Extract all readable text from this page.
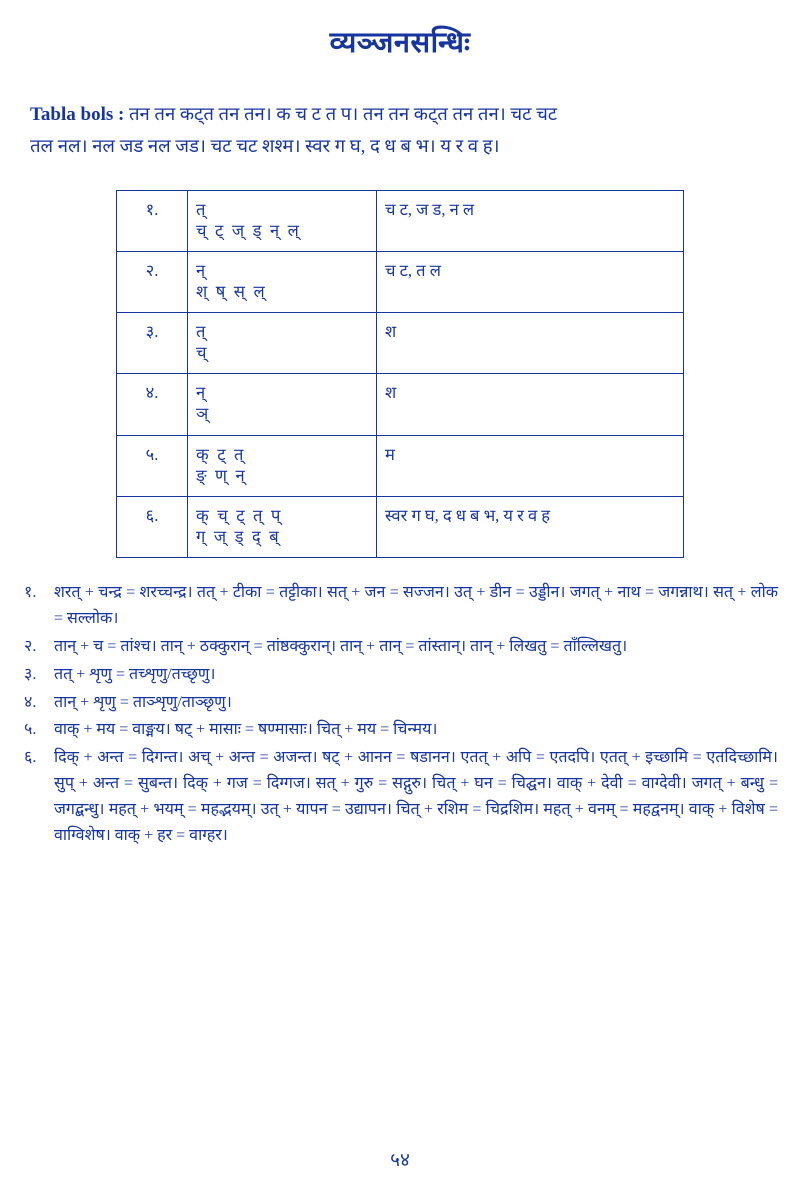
व्यञ्जनसन्धिः
Tabla bols : तन तन कट्त तन तन। क च ट त प। तन तन कट्त तन तन। चट चट
तल नल। नल जड नल जड। चट चट शश्म। स्वर ग घ, द ध ब भ। य र व ह।
१.	त्
च् ट् ज् ड् न् ल्	च ट, ज ड, न ल
२.	न्
श् ष् स् ल्	च ट, त ल
३.	त्
च्	श
४.	न्
ञ्	श
५.	क् ट् त्
ङ् ण् न्	म
६.	क् च् ट् त् प्
ग् ज् ड् द् ब्	स्वर ग घ, द ध ब भ, य र व ह
१.	शरत् + चन्द्र = शरच्चन्द्र। तत् + टीका = तट्टीका। सत् + जन = सज्जन। उत् + डीन = उड्डीन। जगत् + नाथ = जगन्नाथ। सत् + लोक = सल्लोक।
२.	तान् + च = तांश्च। तान् + ठक्कुरान् = तांष्ठक्कुरान्। तान् + तान् = तांस्तान्। तान् + लिखतु = ताँल्लिखतु।
३.	तत् + शृणु = तच्शृणु/तच्छृणु।
४.	तान् + शृणु = ताञ्शृणु/ताञ्छृणु।
५.	वाक् + मय = वाङ्मय। षट् + मासाः = षण्मासाः। चित् + मय = चिन्मय।
६.	दिक् + अन्त = दिगन्त। अच् + अन्त = अजन्त। षट् + आनन = षडानन। एतत् + अपि = एतदपि। एतत् + इच्छामि = एतदिच्छामि। सुप् + अन्त = सुबन्त। दिक् + गज = दिग्गज। सत् + गुरु = सद्गुरु। चित् + घन = चिद्घन। वाक् + देवी = वाग्देवी। जगत् + बन्धु = जगद्बन्धु। महत् + भयम् = महद्भयम्। उत् + यापन = उद्यापन। चित् + रशिम = चिद्रशिम। महत् + वनम् = महद्वनम्। वाक् + विशेष = वाग्विशेष। वाक् + हर = वाग्हर।
५४
